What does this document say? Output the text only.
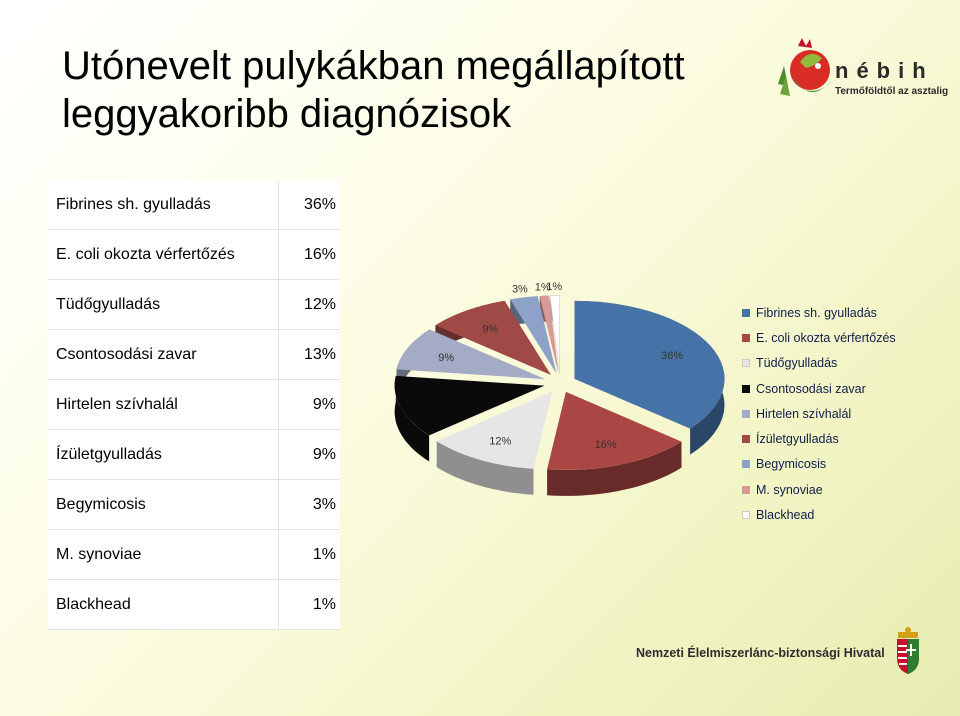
Utónevelt pulykákban megállapított
leggyakoribb diagnózisok
nébih
Termőföldtől az asztalig
Fibrines sh. gyulladás	36%
E. coli okozta vérfertőzés	16%
Tüdőgyulladás	12%
Csontosodási zavar	13%
Hirtelen szívhalál	9%
Ízületgyulladás	9%
Begymicosis	3%
M. synoviae	1%
Blackhead	1%
36%
16%
12%
9%
9%
3% 1%
1%
Fibrines sh. gyulladás
E. coli okozta vérfertőzés
Tüdőgyulladás
Csontosodási zavar
Hirtelen szívhalál
Ízületgyulladás
Begymicosis
M. synoviae
Blackhead
Nemzeti Élelmiszerlánc-biztonsági Hivatal
